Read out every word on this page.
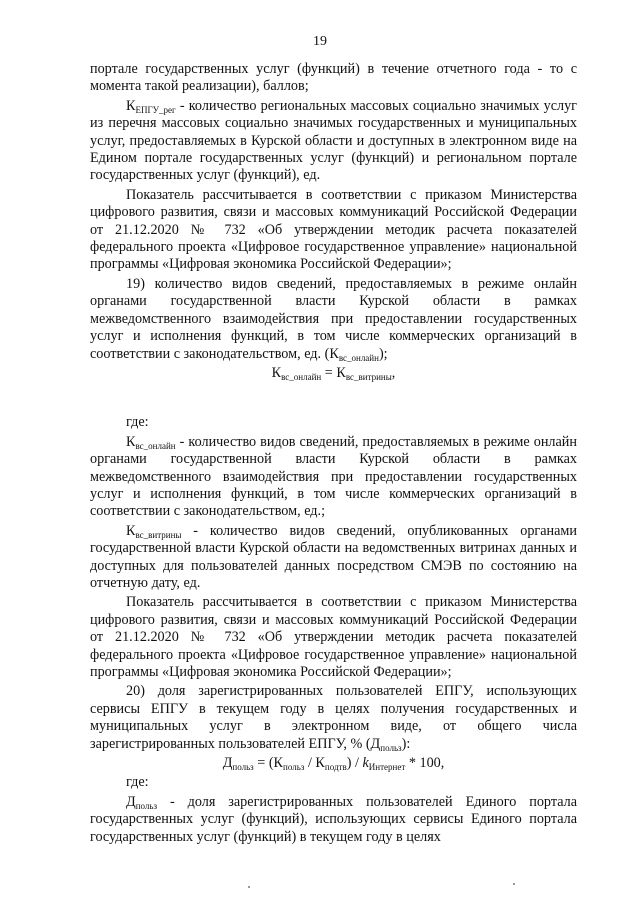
19

порталe государственных услуг (функций) в течение отчетного года - то с момента такой реализации), баллов;

$К_{ЕПГУ\_рег}$ - количество региональных массовых социально значимых услуг из перечня массовых социально значимых государственных и муниципальных услуг, предоставляемых в Курской области и доступных в электронном виде на Едином портале государственных услуг (функций) и региональном портале государственных услуг (функций), ед.

Показатель рассчитывается в соответствии с приказом Министерства цифрового развития, связи и массовых коммуникаций Российской Федерации от 21.12.2020 № 732 «Об утверждении методик расчета показателей федерального проекта «Цифровое государственное управление» национальной программы «Цифровая экономика Российской Федерации»;

19) количество видов сведений, предоставляемых в режиме онлайн органами государственной власти Курской области в рамках межведомственного взаимодействия при предоставлении государственных услуг и исполнения функций, в том числе коммерческих организаций в соответствии с законодательством, ед. $(К_{вс\_онлайн})$;

$К_{вс\_онлайн} = К_{вс\_витрины}$,

где:

$К_{вс\_онлайн}$ - количество видов сведений, предоставляемых в режиме онлайн органами государственной власти Курской области в рамках межведомственного взаимодействия при предоставлении государственных услуг и исполнения функций, в том числе коммерческих организаций в соответствии с законодательством, ед.;

$К_{вс\_витрины}$ - количество видов сведений, опубликованных органами государственной власти Курской области на ведомственных витринах данных и доступных для пользователей данных посредством СМЭВ по состоянию на отчетную дату, ед.

Показатель рассчитывается в соответствии с приказом Министерства цифрового развития, связи и массовых коммуникаций Российской Федерации от 21.12.2020 № 732 «Об утверждении методик расчета показателей федерального проекта «Цифровое государственное управление» национальной программы «Цифровая экономика Российской Федерации»;

20) доля зарегистрированных пользователей ЕПГУ, использующих сервисы ЕПГУ в текущем году в целях получения государственных и муниципальных услуг в электронном виде, от общего числа зарегистрированных пользователей ЕПГУ, % $(Д_{польз})$:

$Д_{польз} = (К_{польз} / К_{подтв}) / k_{Интернет} * 100$,

где:

$Д_{польз}$ - доля зарегистрированных пользователей Единого портала государственных услуг (функций), использующих сервисы Единого портала государственных услуг (функций) в текущем году в целях
